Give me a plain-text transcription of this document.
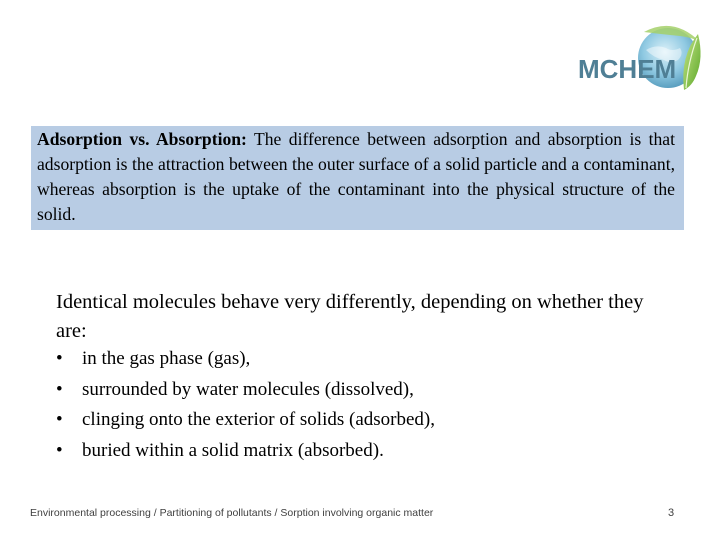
MCHEM
Adsorption vs. Absorption: The difference between adsorption and absorption is that adsorption is the attraction between the outer surface of a solid particle and a contaminant, whereas absorption is the uptake of the contaminant into the physical structure of the solid.
Identical molecules behave very differently, depending on whether they are:
•	in the gas phase (gas),
•	surrounded by water molecules (dissolved),
•	clinging onto the exterior of solids (adsorbed),
•	buried within a solid matrix (absorbed).
Environmental processing / Partitioning of pollutants / Sorption involving organic matter	3
